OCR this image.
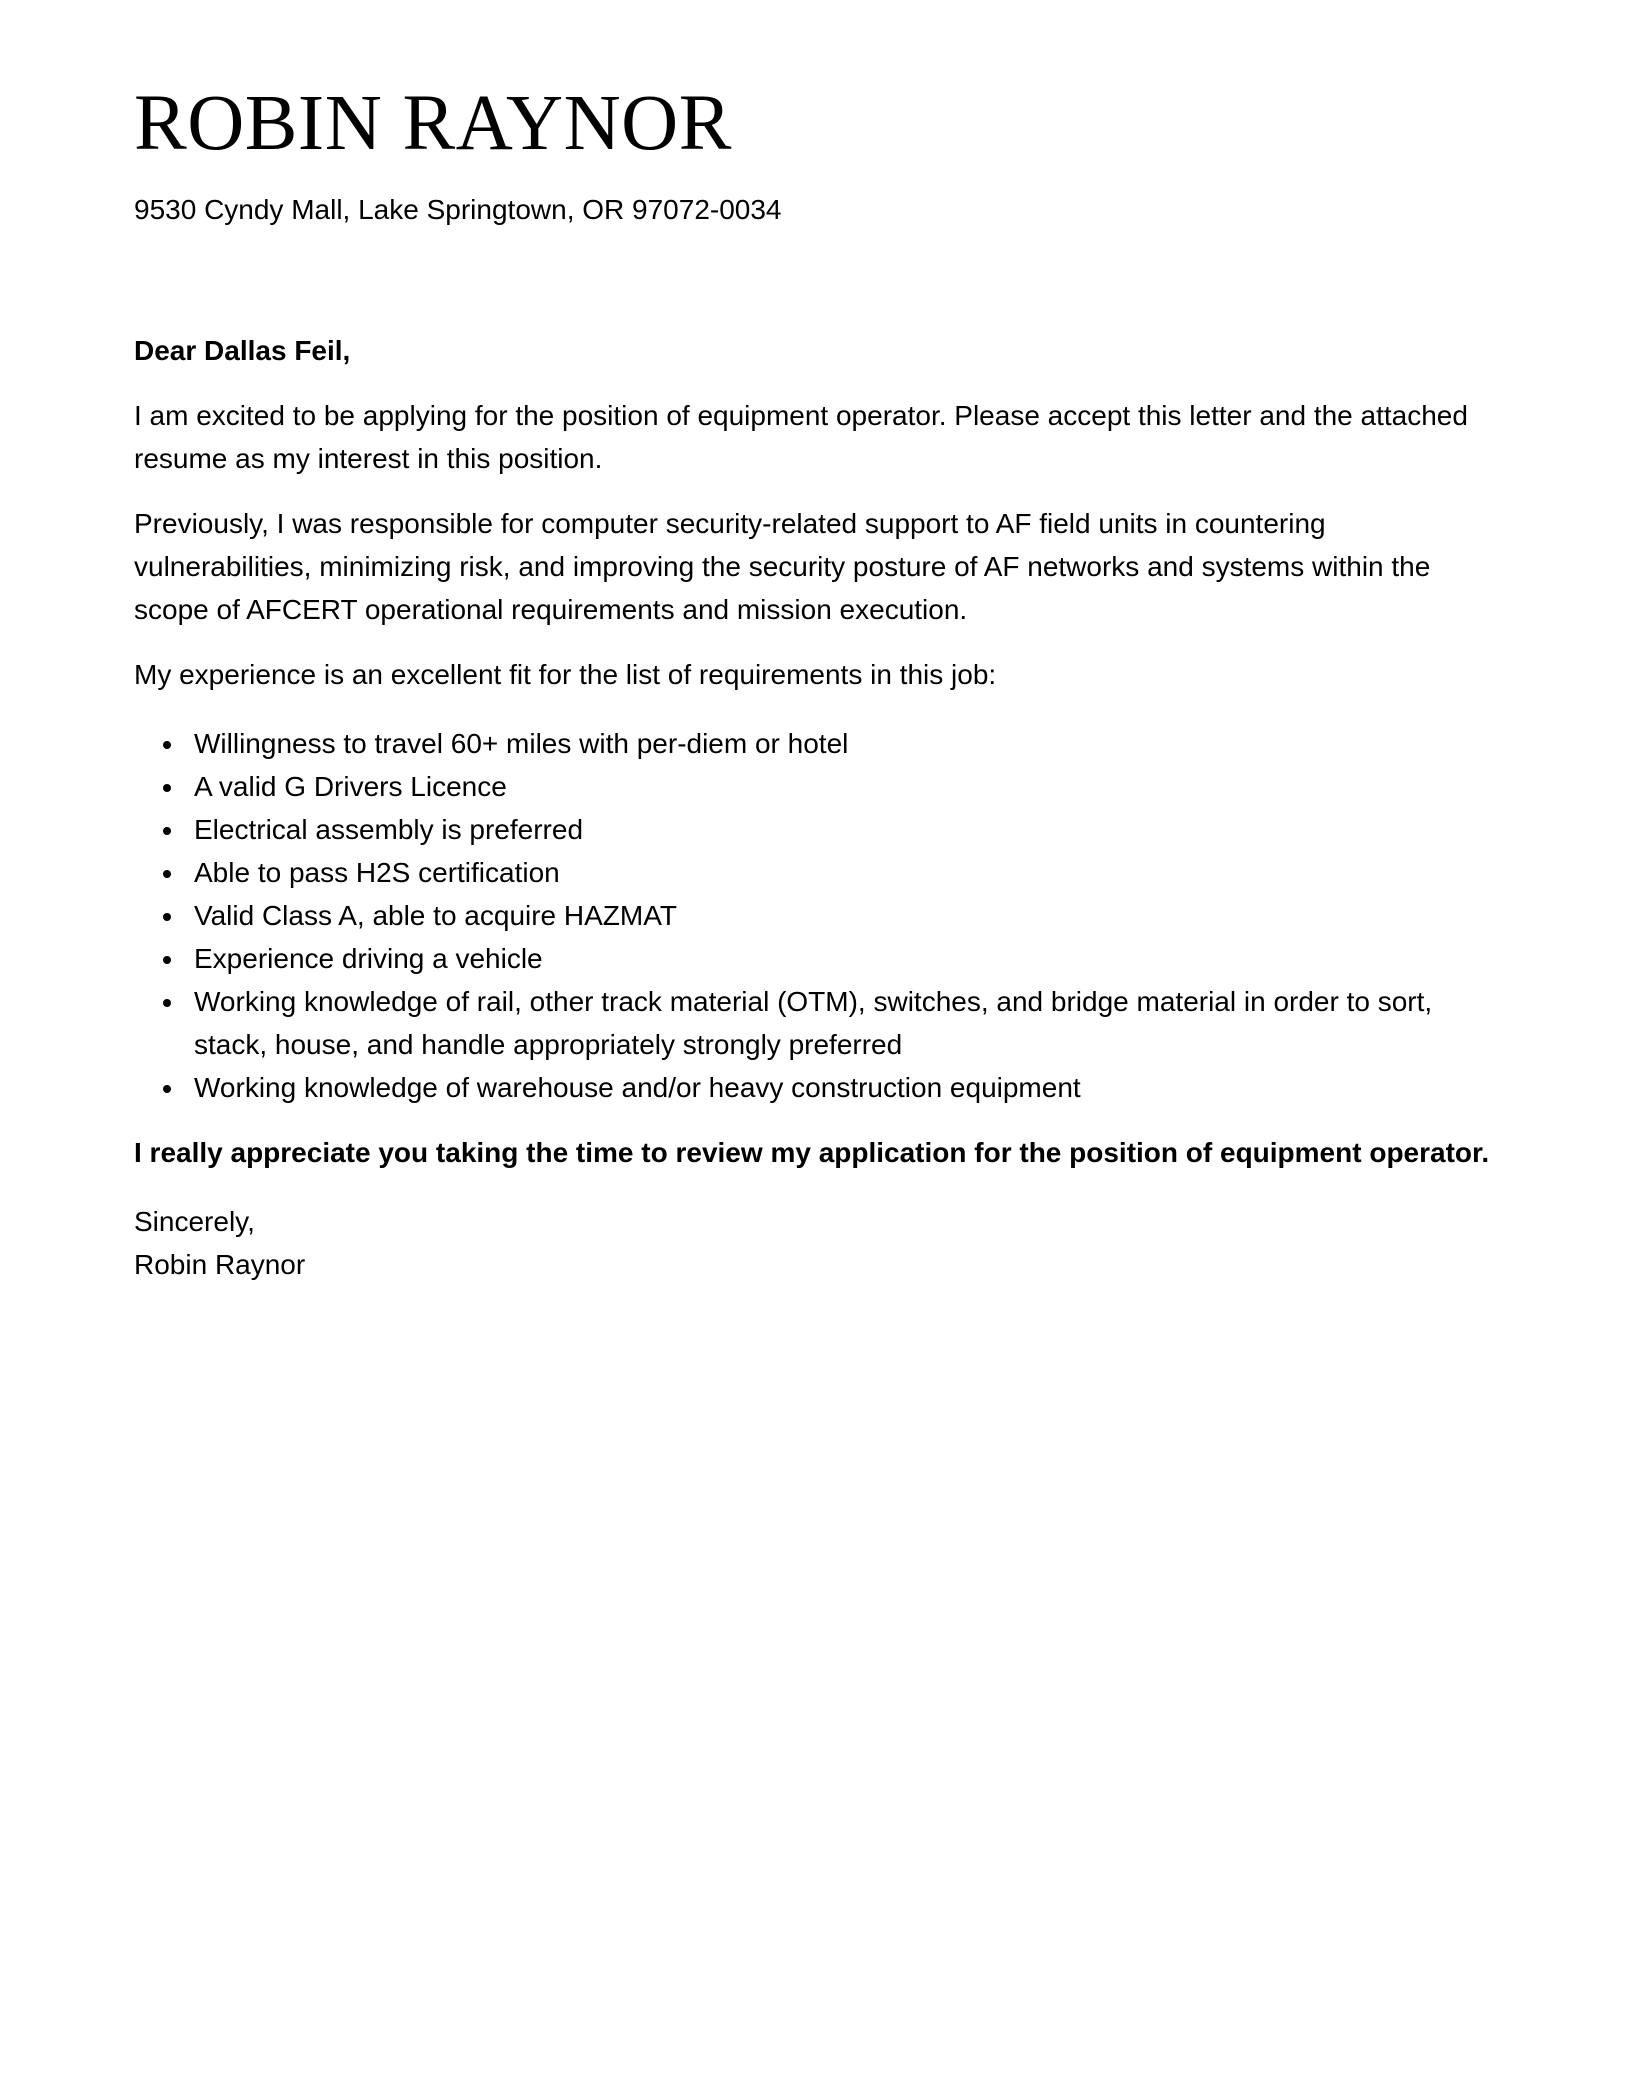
ROBIN RAYNOR

9530 Cyndy Mall, Lake Springtown, OR 97072-0034

Dear Dallas Feil,

I am excited to be applying for the position of equipment operator. Please accept this letter and the attached resume as my interest in this position.

Previously, I was responsible for computer security-related support to AF field units in countering vulnerabilities, minimizing risk, and improving the security posture of AF networks and systems within the scope of AFCERT operational requirements and mission execution.

My experience is an excellent fit for the list of requirements in this job:

• Willingness to travel 60+ miles with per-diem or hotel
• A valid G Drivers Licence
• Electrical assembly is preferred
• Able to pass H2S certification
• Valid Class A, able to acquire HAZMAT
• Experience driving a vehicle
• Working knowledge of rail, other track material (OTM), switches, and bridge material in order to sort, stack, house, and handle appropriately strongly preferred
• Working knowledge of warehouse and/or heavy construction equipment

I really appreciate you taking the time to review my application for the position of equipment operator.

Sincerely,

Robin Raynor
